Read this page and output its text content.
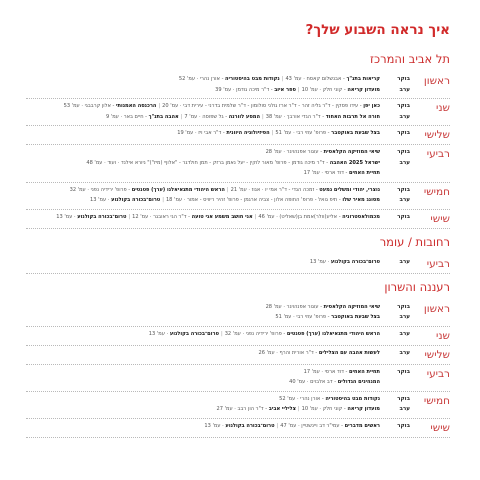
איך נראה השבוע שלך?
תל אביב והמרכז
ראשון
בוקר
קריאות בתנ"ך - אבנשלום קאסח · עמ' 43|נקודות מבט בהיסטוריה - אורן נהרי · עמ' 52
ערב
מועדון קריאה - קוני חלק · עמ' 10|ספר איוב - ד"ר מיכה גודמן · עמ' 39
שני
בוקר
כאן יפן - עידו פסקין - ד"ר גליה זהר - ד"ר ארז גולני סולומון - ד"ר שלמית בדרני - עירית דבי · עמ' 20|הרכנסה האמנותי - אלון קרבבגי · עמ' 53
ערב
חורה אל תרבות האחוד - ד"ר הגדי אורבך · עמ' 38|המסע לוורנה - גל שפוסה · עמ' 7|אהבה בתנ"ך - חיים באר · עמ' 9
שלישי
בוקר
בצל שבעת באוקטבר - פרופ' עוזי רבי · עמ' 51|הפיזיולוגיה היוונית - ד"ר אבי ויז · עמ' 19
רביעי
בוקר
שיאי המוזיקה הקלאסית - עוגור אפנהויגר · עמ' 28
ערב
ישראל 2025 האהבה - ד"ר מיכה גודמן - פרופ' מאור לוקין - יעל נאמן ברזק - תמן חולדגר - "אלוף (מיל')" ניורא אילנד · ועוד · עמ' 48
תחיית האחים - דוד ארסי · עמ' 17
חמישי
בוקר
נוצרי, יהודי ומשלים נמעט - זמכה הגדי - ד"ר אמי יו · אגוז · עמ' 21|הראש היהודי מתגאיאלנו (ערך) פטנטים - פרופ' ירידיה נפני · עמ' 32
ערב
מסונג מאיר שלו - תיפ גואל - פרופ' החופה אלון - צביה ארגמן - פרופ' זהיר ריוויס - אמור · עמ' 18|טרום־בכורה בקולנוע · עמ' 13
שישי
בוקר
מכמולאסטרוניה - אליע(וולר)אמת בן(שאליט) · עמ' 46|אני חושב משמע אני טועה - ד"ר הגי ראובגר · עמ' 12|טרום־בכורה בקולנוע · עמ' 13
רחובות / עומר
רביעי
ערב
טרום־בכורה בקולנוע · עמ' 13
רעננה והשרון
ראשון
בוקר
שיאי המוזיקה הקלאסית - עוגור אפנהויגר · עמ' 28
ערב
בצל שבעת באוקטבר - פרופ' עוזי רבי · עמ' 51
שני
ערב
הראש היהודי מתגאיאלנו (ערך) פטנטים - פרופ' ירידיה נפני · עמ' 32|טרום־בכורה בקולנוע · עמ' 13
שלישי
ערב
לעשות אהבה עם הצלילים - ד"ר אורית והרף · עמ' 26
רביעי
בוקר
תחיית האחים - דוד ארסי · עמ' 17
המנהיגים הגדולים - דב אלבוים · עמ' 40
חמישי
בוקר
נקודות מבט בהיסטוריה - אורן נהרי · עמ' 52
ערב
מועדון קריאה - קוני חלק · עמ' 10|צליליי אביב - ד"ר הון רבב · עמ' 27
שישי
בוקר
ראשים מדברים - עמי"ר דב ויינשטיין · עמ' 47|טרום־בכורה בקולנוע · עמ' 13
